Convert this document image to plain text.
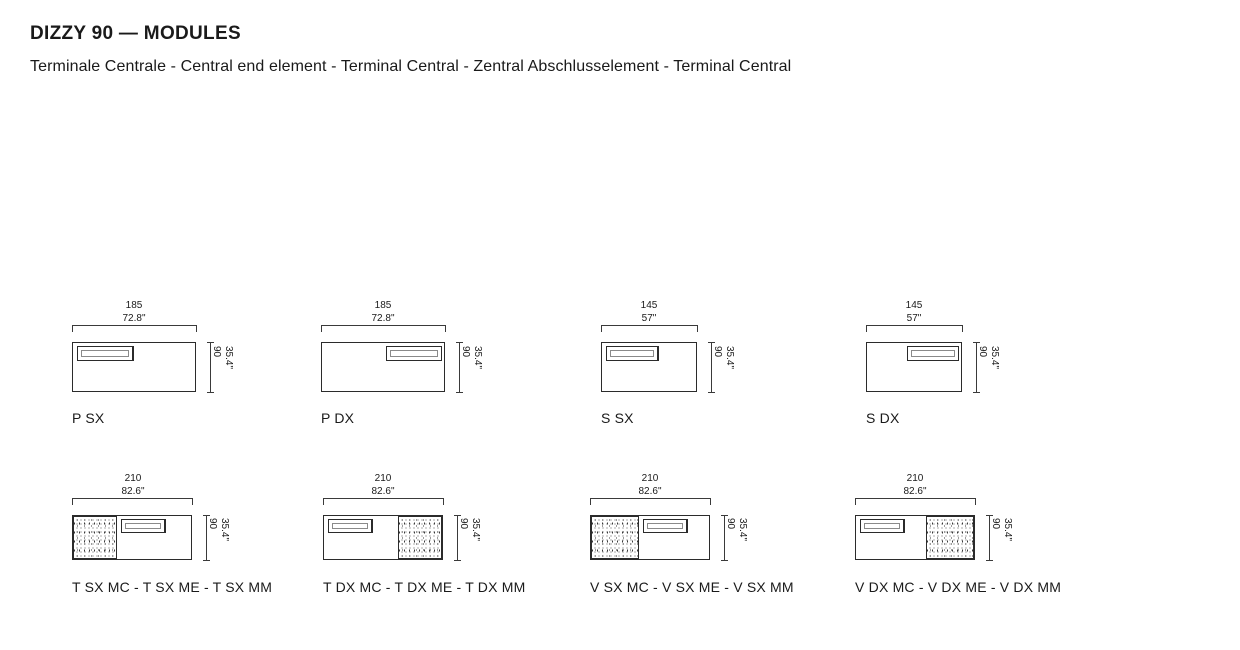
DIZZY 90 — MODULES

Terminale Centrale - Central end element - Terminal Central - Zentral Abschlusselement - Terminal Central

185
72.8"
90 35.4"
P SX
185
72.8"
90 35.4"
P DX
145
57"
90 35.4"
S SX
145
57"
90 35.4"
S DX
210
82.6"
90 35.4"
T SX MC - T SX ME - T SX MM
210
82.6"
90 35.4"
T DX MC - T DX ME - T DX MM
210
82.6"
90 35.4"
V SX MC - V SX ME - V SX MM
210
82.6"
90 35.4"
V DX MC - V DX ME - V DX MM
